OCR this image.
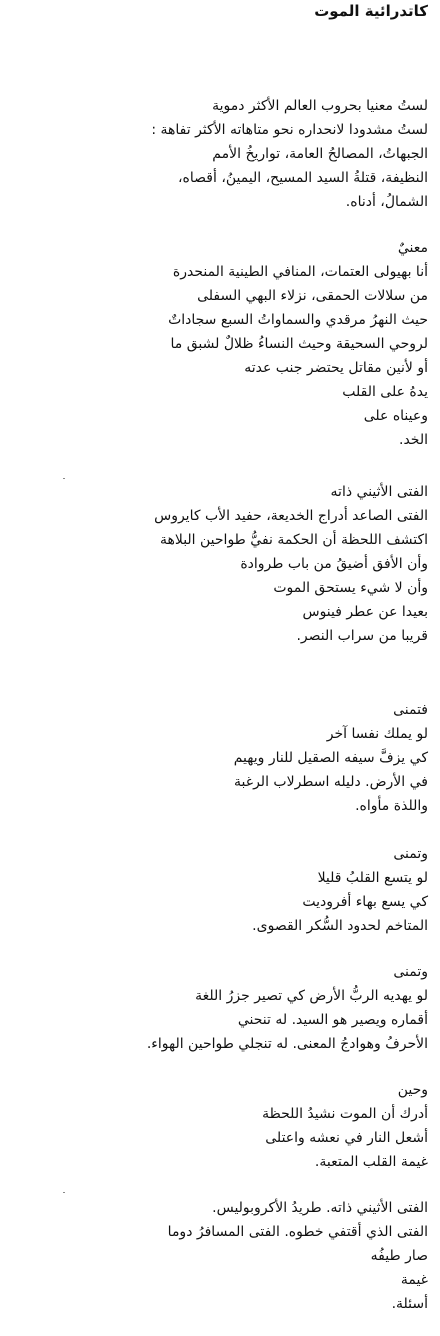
كاتدرائية الموت
لستُ معنيا بحروب العالم الأكثر دموية
لستُ مشدودا لانحداره نحو متاهاته الأكثر تفاهة :
الجبهاتُ، المصالحُ العامة، تواريخُ الأمم
النظيفة، قتلةُ السيد المسيح، اليمينُ، أقصاه،
الشمالُ، أدناه.
معنيٌ
أنا بهيولى العتمات، المنافي الطينية المنحدرة
من سلالات الحمقى، نزلاء البهي السفلى
حيث النهرُ مرقدي والسماواتُ السبع سجاداتٌ
لروحي السحيقة وحيث النساءُ ظلالٌ لشبق ما
أو لأنين مقاتل يحتضر جنب عدته
يدهُ على القلب
وعيناه على
الخد.
الفتى الأثيني ذاته
الفتى الصاعد أدراج الخديعة، حفيد الأب كايروس
اكتشف اللحظة أن الحكمة نفيُّ طواحين البلاهة
وأن الأفق أضيقُ من باب طروادة
وأن لا شيء يستحق الموت
بعيدا عن عطر فينوس
قريبا من سراب النصر.
فتمنى
لو يملك نفسا آخر
كي يزفَّ سيفه الصقيل للنار ويهيم
في الأرض. دليله اسطرلاب الرغبة
واللذة مأواه.
وتمنى
لو يتسع القلبُ قليلا
كي يسع بهاء أفروديت
المتاخم لحدود السُّكر القصوى.
وتمنى
لو يهديه الربُّ الأرض كي تصير جزرُ اللغة
أقماره ويصير هو السيد. له تنحني
الأحرفُ وهوادجُ المعنى. له تنجلي طواحين الهواء.
وحين
أدرك أن الموت نشيدُ اللحظة
أشعل النار في نعشه واعتلى
غيمة القلب المتعبة.
الفتى الأثيني ذاته. طريدُ الأكروبوليس.
الفتى الذي أقتفي خطوه. الفتى المسافرُ دوما
صار طيفُه
غيمة
أسئلة.
